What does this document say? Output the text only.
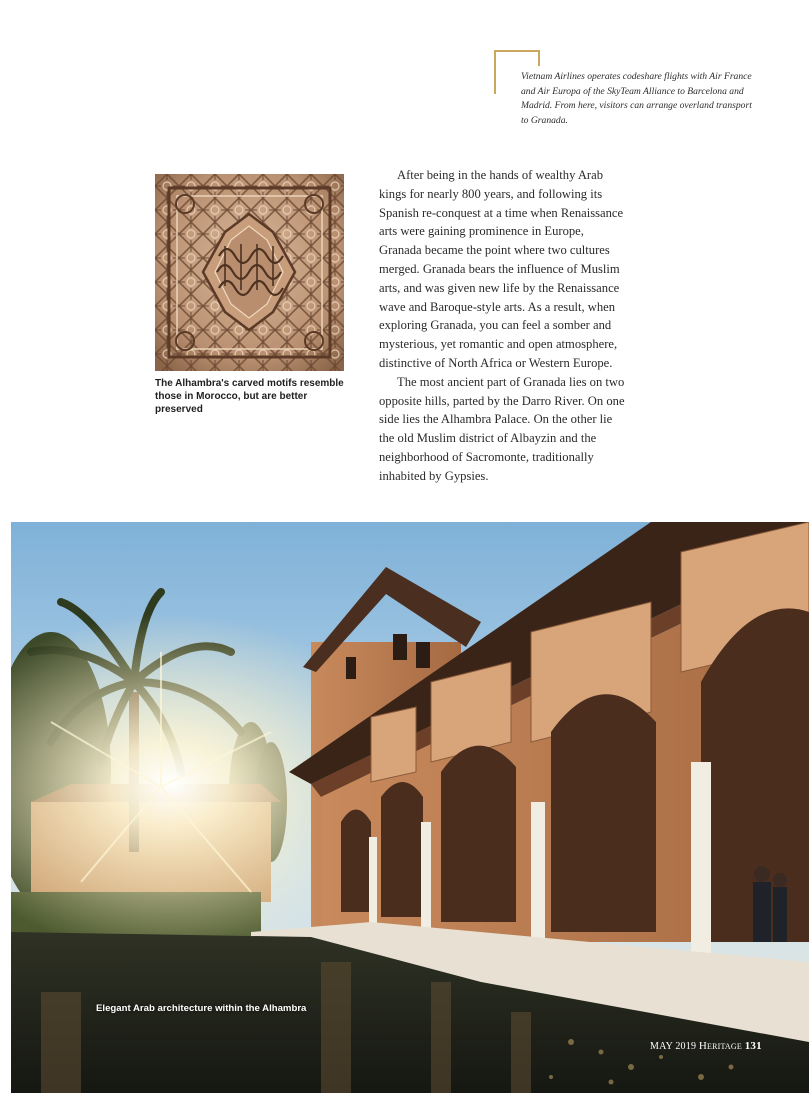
Vietnam Airlines operates codeshare flights with Air France and Air Europa of the SkyTeam Alliance to Barcelona and Madrid. From here, visitors can arrange overland transport to Granada.
The Alhambra's carved motifs resemble those in Morocco, but are better preserved

After being in the hands of wealthy Arab kings for nearly 800 years, and following its Spanish re-conquest at a time when Renaissance arts were gaining prominence in Europe, Granada became the point where two cultures merged. Granada bears the influence of Muslim arts, and was given new life by the Renaissance wave and Baroque-style arts. As a result, when exploring Granada, you can feel a somber and mysterious, yet romantic and open atmosphere, distinctive of North Africa or Western Europe.

The most ancient part of Granada lies on two opposite hills, parted by the Darro River. On one side lies the Alhambra Palace. On the other lie the old Muslim district of Albayzin and the neighborhood of Sacromonte, traditionally inhabited by Gypsies.

Elegant Arab architecture within the Alhambra
MAY 2019 Heritage 131
